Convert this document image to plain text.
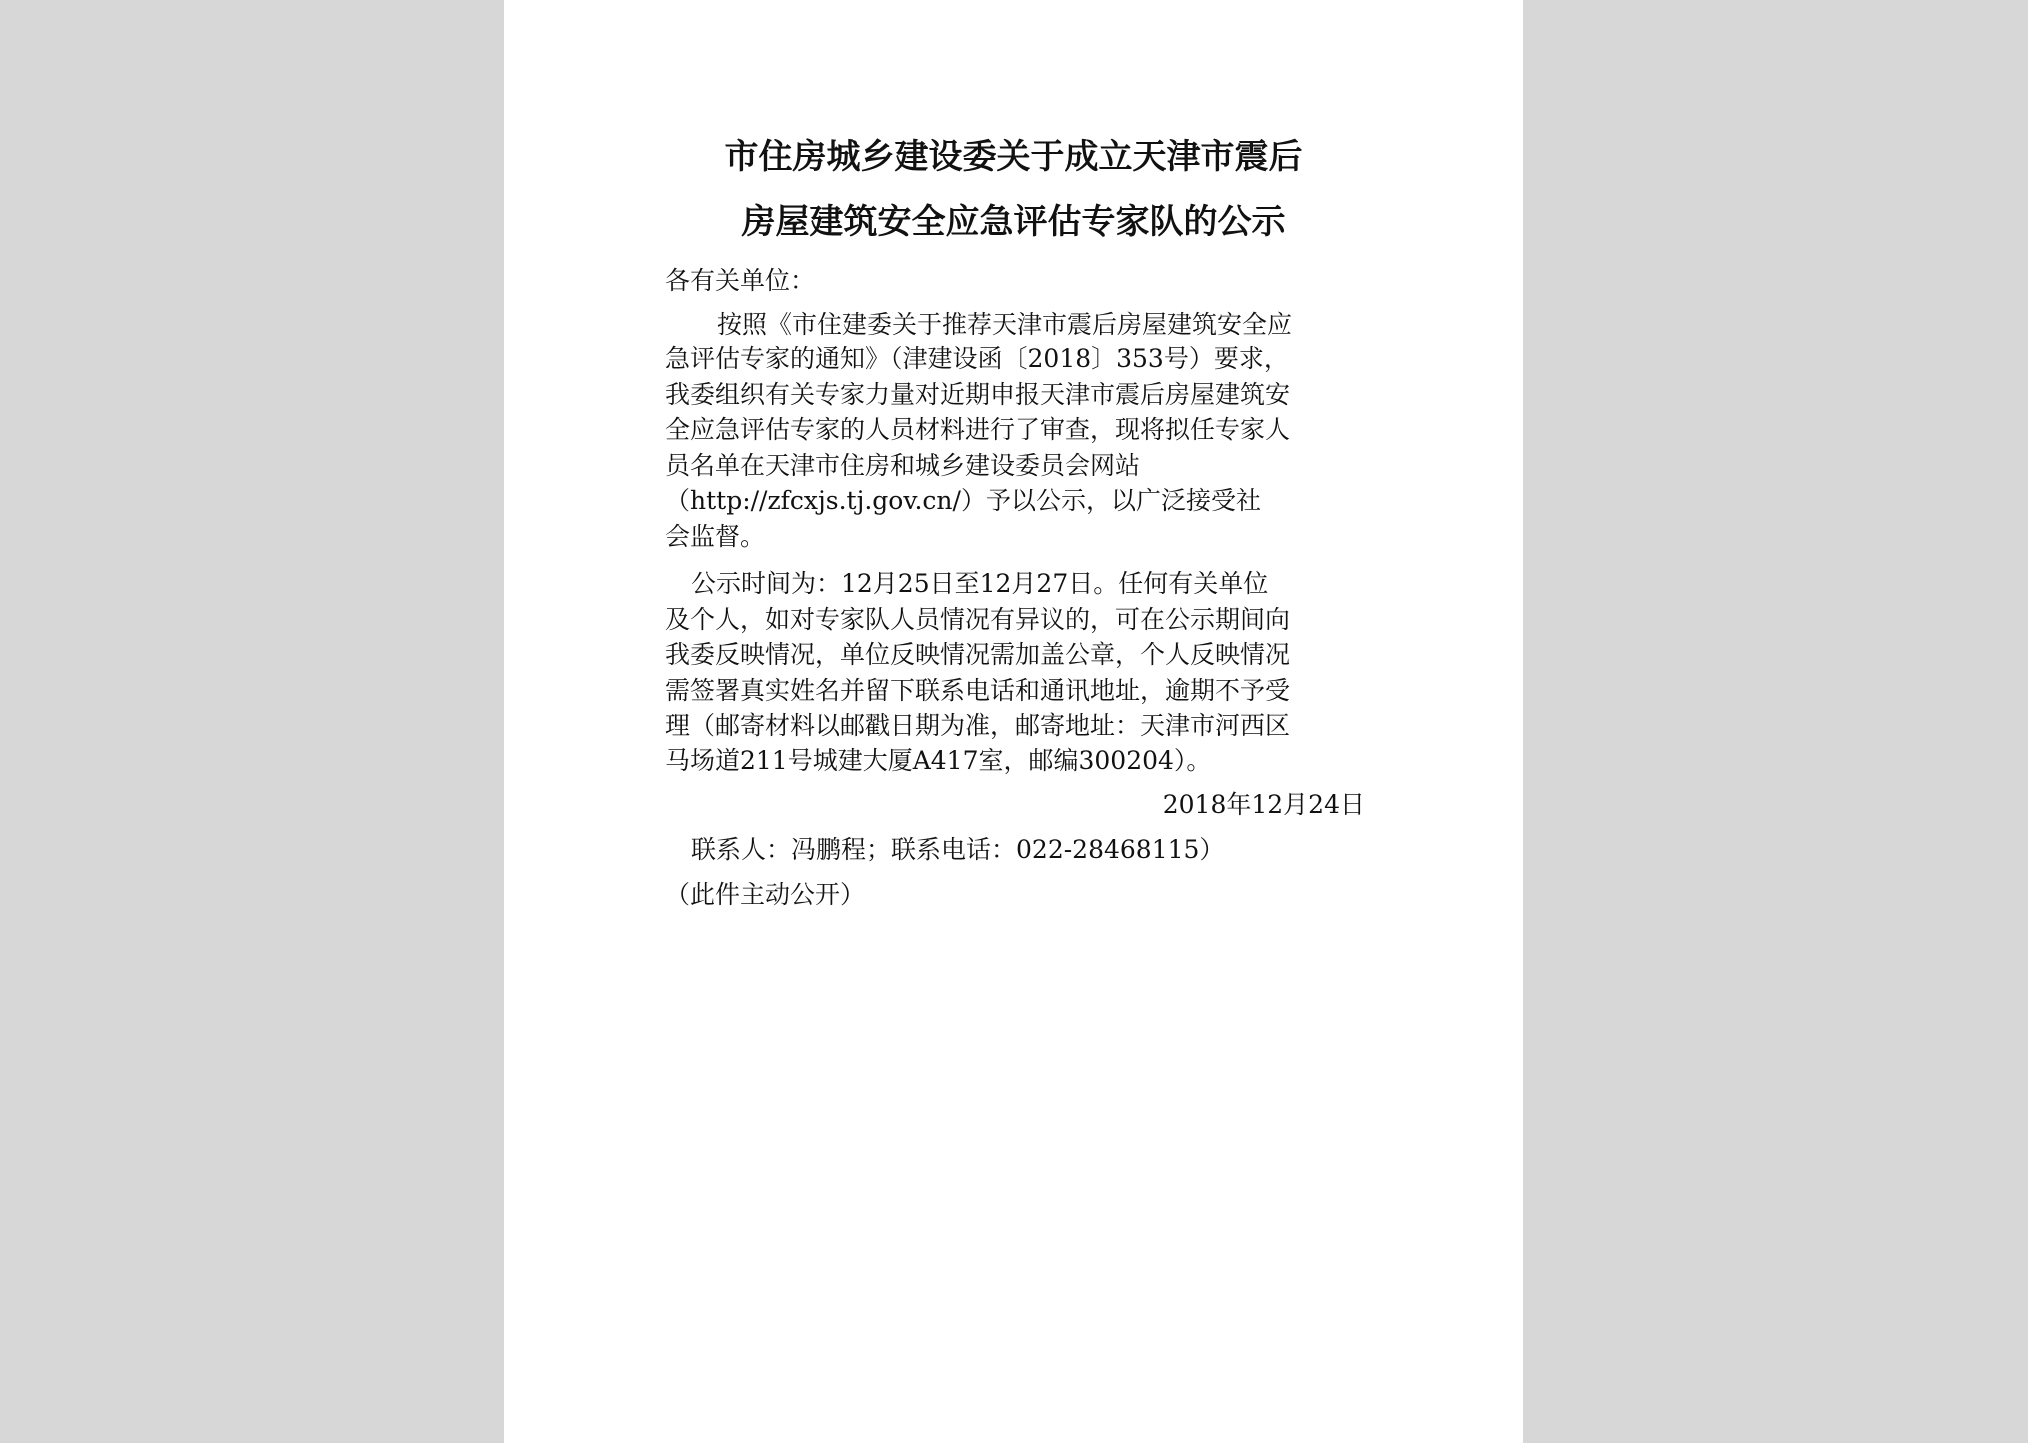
市住房城乡建设委关于成立天津市震后
房屋建筑安全应急评估专家队的公示
各有关单位：
按照《市住建委关于推荐天津市震后房屋建筑安全应
急评估专家的通知》（津建设函〔2018〕353号）要求，
我委组织有关专家力量对近期申报天津市震后房屋建筑安
全应急评估专家的人员材料进行了审查，现将拟任专家人
员名单在天津市住房和城乡建设委员会网站
（http://zfcxjs.tj.gov.cn/）予以公示，以广泛接受社
会监督。
公示时间为：12月25日至12月27日。任何有关单位
及个人，如对专家队人员情况有异议的，可在公示期间向
我委反映情况，单位反映情况需加盖公章，个人反映情况
需签署真实姓名并留下联系电话和通讯地址，逾期不予受
理（邮寄材料以邮戳日期为准，邮寄地址：天津市河西区
马场道211号城建大厦A417室，邮编300204）。
2018年12月24日
联系人：冯鹏程；联系电话：022-28468115）
（此件主动公开）
